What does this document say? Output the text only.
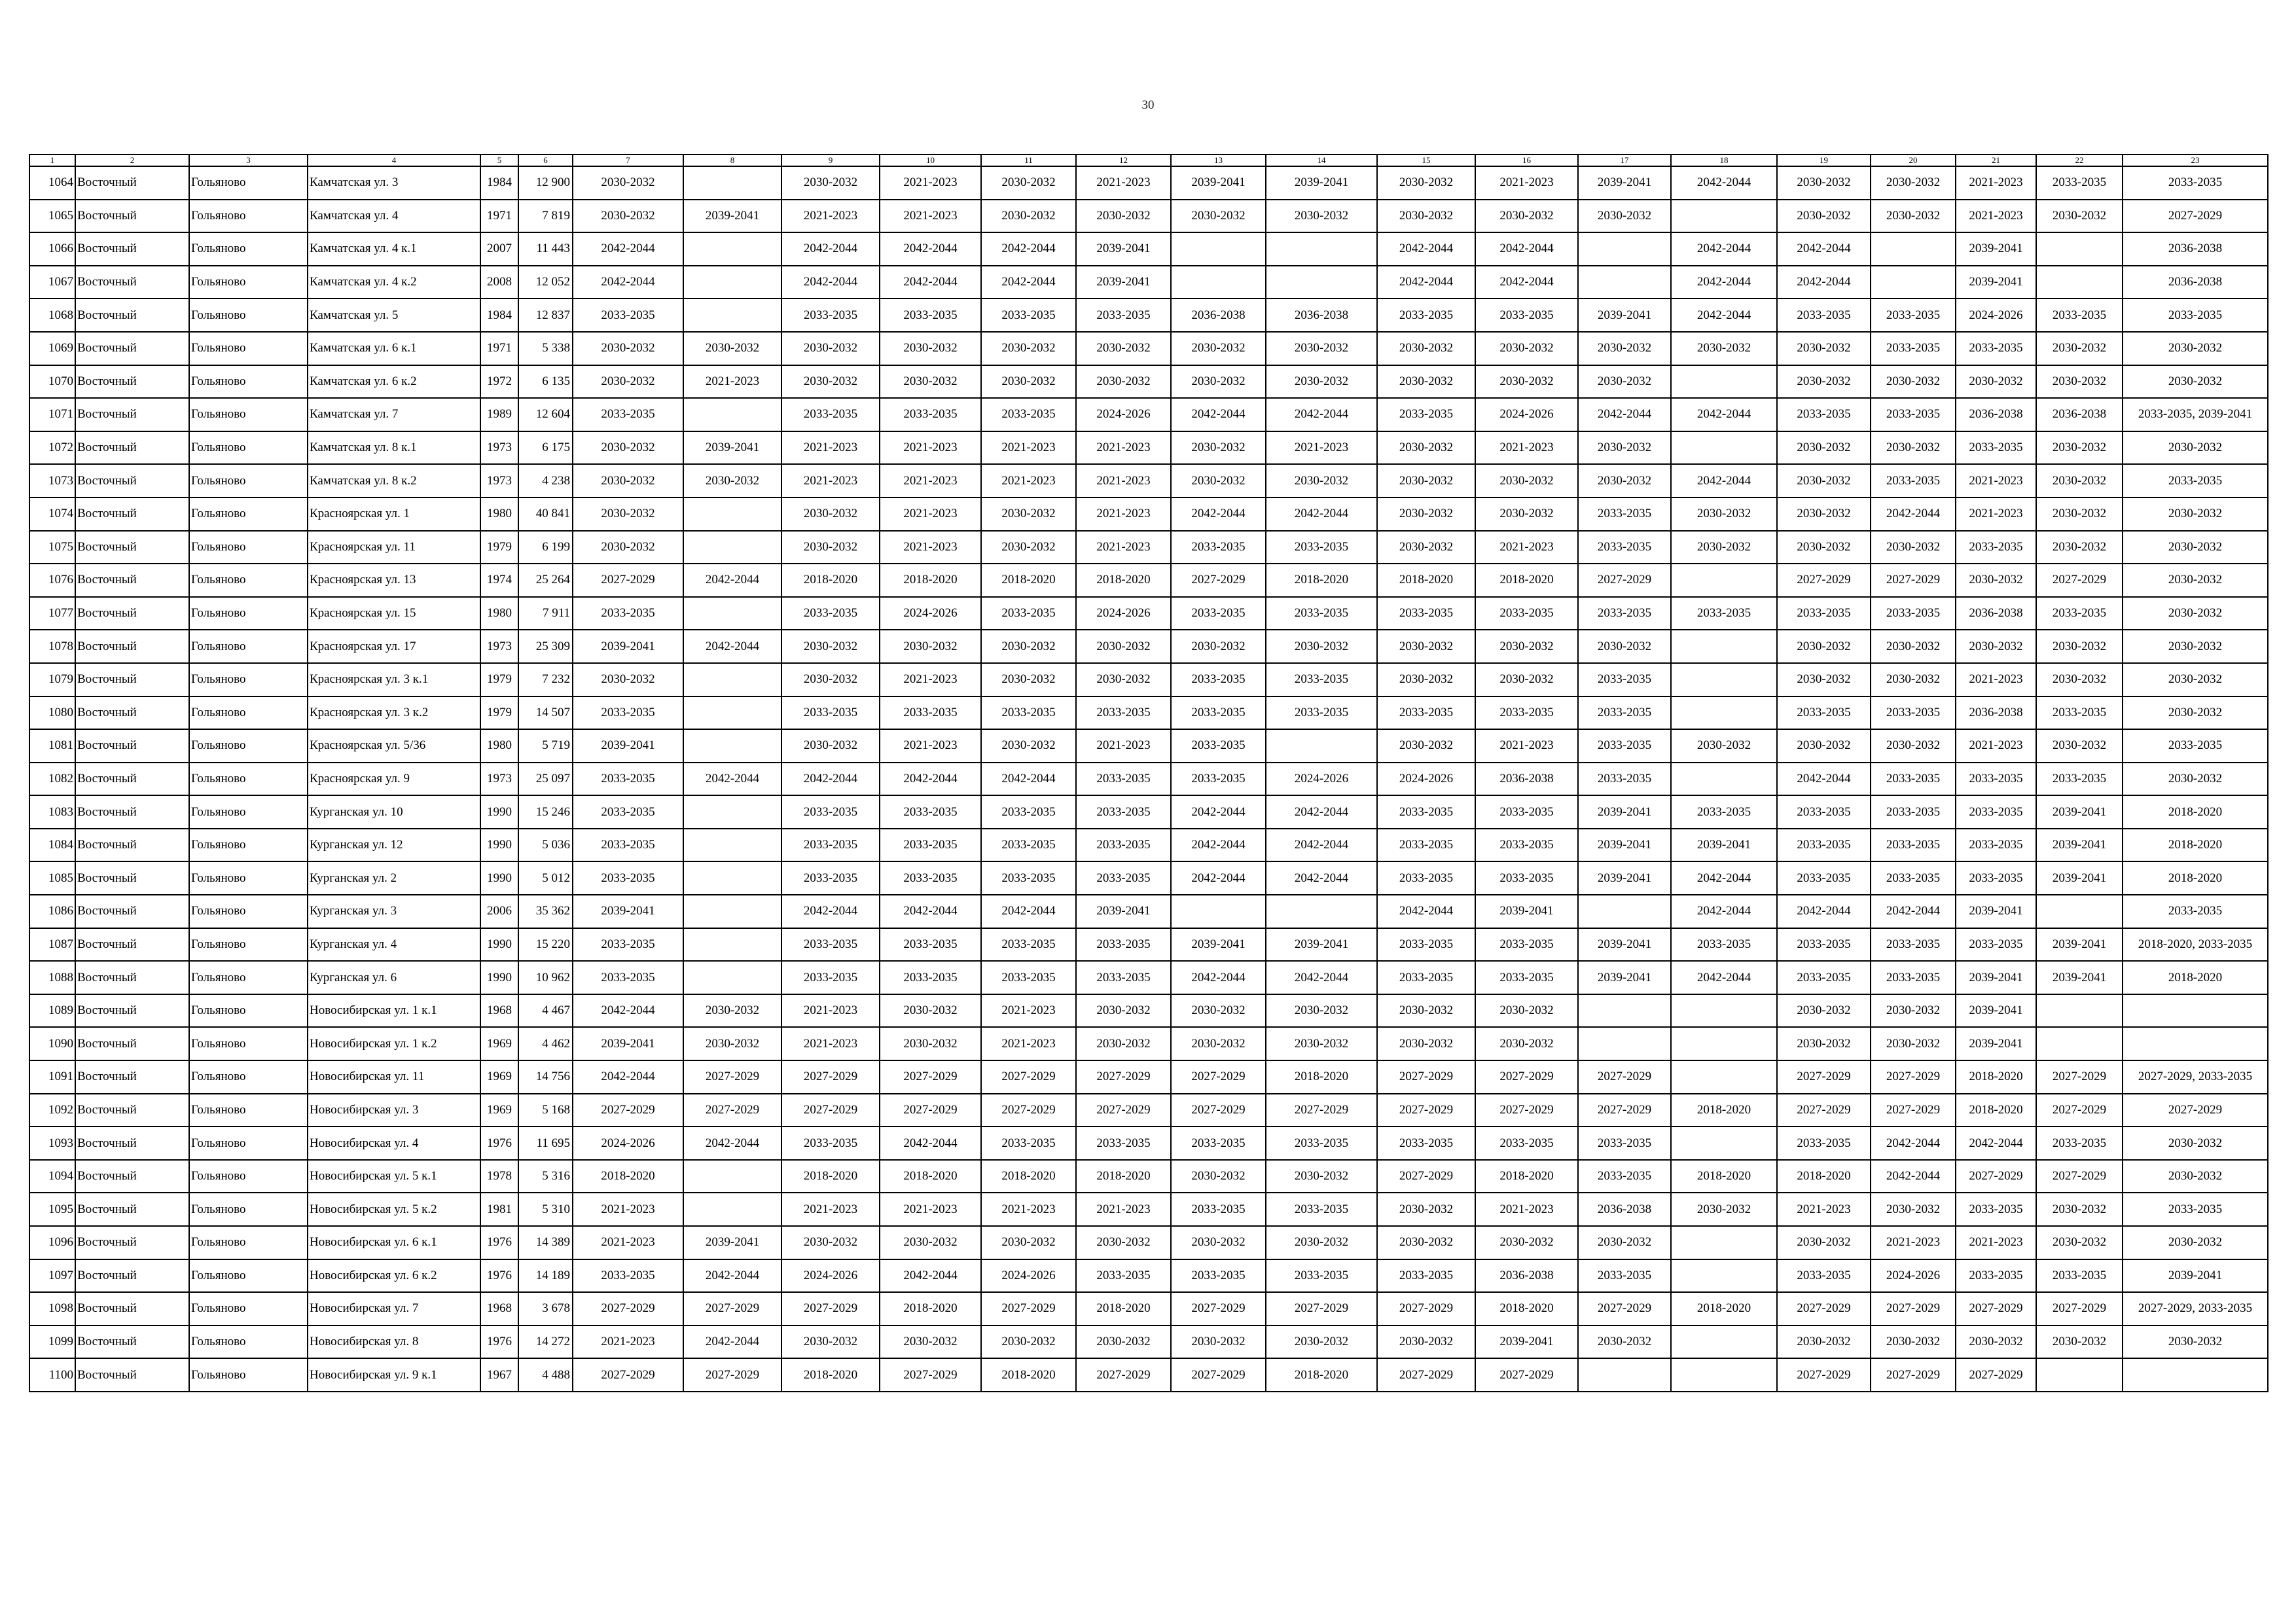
30
1	2	3	4	5	6	7	8	9	10	11	12	13	14	15	16	17	18	19	20	21	22	23
1064	Восточный	Гольяново	Камчатская ул. 3	1984	12 900	2030-2032		2030-2032	2021-2023	2030-2032	2021-2023	2039-2041	2039-2041	2030-2032	2021-2023	2039-2041	2042-2044	2030-2032	2030-2032	2021-2023	2033-2035	2033-2035
1065	Восточный	Гольяново	Камчатская ул. 4	1971	7 819	2030-2032	2039-2041	2021-2023	2021-2023	2030-2032	2030-2032	2030-2032	2030-2032	2030-2032	2030-2032	2030-2032		2030-2032	2030-2032	2021-2023	2030-2032	2027-2029
1066	Восточный	Гольяново	Камчатская ул. 4 к.1	2007	11 443	2042-2044		2042-2044	2042-2044	2042-2044	2039-2041			2042-2044	2042-2044		2042-2044	2042-2044		2039-2041		2036-2038
1067	Восточный	Гольяново	Камчатская ул. 4 к.2	2008	12 052	2042-2044		2042-2044	2042-2044	2042-2044	2039-2041			2042-2044	2042-2044		2042-2044	2042-2044		2039-2041		2036-2038
1068	Восточный	Гольяново	Камчатская ул. 5	1984	12 837	2033-2035		2033-2035	2033-2035	2033-2035	2033-2035	2036-2038	2036-2038	2033-2035	2033-2035	2039-2041	2042-2044	2033-2035	2033-2035	2024-2026	2033-2035	2033-2035
1069	Восточный	Гольяново	Камчатская ул. 6 к.1	1971	5 338	2030-2032	2030-2032	2030-2032	2030-2032	2030-2032	2030-2032	2030-2032	2030-2032	2030-2032	2030-2032	2030-2032	2030-2032	2030-2032	2033-2035	2033-2035	2030-2032	2030-2032
1070	Восточный	Гольяново	Камчатская ул. 6 к.2	1972	6 135	2030-2032	2021-2023	2030-2032	2030-2032	2030-2032	2030-2032	2030-2032	2030-2032	2030-2032	2030-2032	2030-2032		2030-2032	2030-2032	2030-2032	2030-2032	2030-2032
1071	Восточный	Гольяново	Камчатская ул. 7	1989	12 604	2033-2035		2033-2035	2033-2035	2033-2035	2024-2026	2042-2044	2042-2044	2033-2035	2024-2026	2042-2044	2042-2044	2033-2035	2033-2035	2036-2038	2036-2038	2033-2035, 2039-2041
1072	Восточный	Гольяново	Камчатская ул. 8 к.1	1973	6 175	2030-2032	2039-2041	2021-2023	2021-2023	2021-2023	2021-2023	2030-2032	2021-2023	2030-2032	2021-2023	2030-2032		2030-2032	2030-2032	2033-2035	2030-2032	2030-2032
1073	Восточный	Гольяново	Камчатская ул. 8 к.2	1973	4 238	2030-2032	2030-2032	2021-2023	2021-2023	2021-2023	2021-2023	2030-2032	2030-2032	2030-2032	2030-2032	2030-2032	2042-2044	2030-2032	2033-2035	2021-2023	2030-2032	2033-2035
1074	Восточный	Гольяново	Красноярская ул. 1	1980	40 841	2030-2032		2030-2032	2021-2023	2030-2032	2021-2023	2042-2044	2042-2044	2030-2032	2030-2032	2033-2035	2030-2032	2030-2032	2042-2044	2021-2023	2030-2032	2030-2032
1075	Восточный	Гольяново	Красноярская ул. 11	1979	6 199	2030-2032		2030-2032	2021-2023	2030-2032	2021-2023	2033-2035	2033-2035	2030-2032	2021-2023	2033-2035	2030-2032	2030-2032	2030-2032	2033-2035	2030-2032	2030-2032
1076	Восточный	Гольяново	Красноярская ул. 13	1974	25 264	2027-2029	2042-2044	2018-2020	2018-2020	2018-2020	2018-2020	2027-2029	2018-2020	2018-2020	2018-2020	2027-2029		2027-2029	2027-2029	2030-2032	2027-2029	2030-2032
1077	Восточный	Гольяново	Красноярская ул. 15	1980	7 911	2033-2035		2033-2035	2024-2026	2033-2035	2024-2026	2033-2035	2033-2035	2033-2035	2033-2035	2033-2035	2033-2035	2033-2035	2033-2035	2036-2038	2033-2035	2030-2032
1078	Восточный	Гольяново	Красноярская ул. 17	1973	25 309	2039-2041	2042-2044	2030-2032	2030-2032	2030-2032	2030-2032	2030-2032	2030-2032	2030-2032	2030-2032	2030-2032		2030-2032	2030-2032	2030-2032	2030-2032	2030-2032
1079	Восточный	Гольяново	Красноярская ул. 3 к.1	1979	7 232	2030-2032		2030-2032	2021-2023	2030-2032	2030-2032	2033-2035	2033-2035	2030-2032	2030-2032	2033-2035		2030-2032	2030-2032	2021-2023	2030-2032	2030-2032
1080	Восточный	Гольяново	Красноярская ул. 3 к.2	1979	14 507	2033-2035		2033-2035	2033-2035	2033-2035	2033-2035	2033-2035	2033-2035	2033-2035	2033-2035	2033-2035		2033-2035	2033-2035	2036-2038	2033-2035	2030-2032
1081	Восточный	Гольяново	Красноярская ул. 5/36	1980	5 719	2039-2041		2030-2032	2021-2023	2030-2032	2021-2023	2033-2035		2030-2032	2021-2023	2033-2035	2030-2032	2030-2032	2030-2032	2021-2023	2030-2032	2033-2035
1082	Восточный	Гольяново	Красноярская ул. 9	1973	25 097	2033-2035	2042-2044	2042-2044	2042-2044	2042-2044	2033-2035	2033-2035	2024-2026	2024-2026	2036-2038	2033-2035		2042-2044	2033-2035	2033-2035	2033-2035	2030-2032
1083	Восточный	Гольяново	Курганская ул. 10	1990	15 246	2033-2035		2033-2035	2033-2035	2033-2035	2033-2035	2042-2044	2042-2044	2033-2035	2033-2035	2039-2041	2033-2035	2033-2035	2033-2035	2033-2035	2039-2041	2018-2020
1084	Восточный	Гольяново	Курганская ул. 12	1990	5 036	2033-2035		2033-2035	2033-2035	2033-2035	2033-2035	2042-2044	2042-2044	2033-2035	2033-2035	2039-2041	2039-2041	2033-2035	2033-2035	2033-2035	2039-2041	2018-2020
1085	Восточный	Гольяново	Курганская ул. 2	1990	5 012	2033-2035		2033-2035	2033-2035	2033-2035	2033-2035	2042-2044	2042-2044	2033-2035	2033-2035	2039-2041	2042-2044	2033-2035	2033-2035	2033-2035	2039-2041	2018-2020
1086	Восточный	Гольяново	Курганская ул. 3	2006	35 362	2039-2041		2042-2044	2042-2044	2042-2044	2039-2041			2042-2044	2039-2041		2042-2044	2042-2044	2042-2044	2039-2041		2033-2035
1087	Восточный	Гольяново	Курганская ул. 4	1990	15 220	2033-2035		2033-2035	2033-2035	2033-2035	2033-2035	2039-2041	2039-2041	2033-2035	2033-2035	2039-2041	2033-2035	2033-2035	2033-2035	2033-2035	2039-2041	2018-2020, 2033-2035
1088	Восточный	Гольяново	Курганская ул. 6	1990	10 962	2033-2035		2033-2035	2033-2035	2033-2035	2033-2035	2042-2044	2042-2044	2033-2035	2033-2035	2039-2041	2042-2044	2033-2035	2033-2035	2039-2041	2039-2041	2018-2020
1089	Восточный	Гольяново	Новосибирская ул. 1 к.1	1968	4 467	2042-2044	2030-2032	2021-2023	2030-2032	2021-2023	2030-2032	2030-2032	2030-2032	2030-2032	2030-2032			2030-2032	2030-2032	2039-2041		
1090	Восточный	Гольяново	Новосибирская ул. 1 к.2	1969	4 462	2039-2041	2030-2032	2021-2023	2030-2032	2021-2023	2030-2032	2030-2032	2030-2032	2030-2032	2030-2032			2030-2032	2030-2032	2039-2041		
1091	Восточный	Гольяново	Новосибирская ул. 11	1969	14 756	2042-2044	2027-2029	2027-2029	2027-2029	2027-2029	2027-2029	2027-2029	2018-2020	2027-2029	2027-2029	2027-2029		2027-2029	2027-2029	2018-2020	2027-2029	2027-2029, 2033-2035
1092	Восточный	Гольяново	Новосибирская ул. 3	1969	5 168	2027-2029	2027-2029	2027-2029	2027-2029	2027-2029	2027-2029	2027-2029	2027-2029	2027-2029	2027-2029	2027-2029	2018-2020	2027-2029	2027-2029	2018-2020	2027-2029	2027-2029
1093	Восточный	Гольяново	Новосибирская ул. 4	1976	11 695	2024-2026	2042-2044	2033-2035	2042-2044	2033-2035	2033-2035	2033-2035	2033-2035	2033-2035	2033-2035	2033-2035		2033-2035	2042-2044	2042-2044	2033-2035	2030-2032
1094	Восточный	Гольяново	Новосибирская ул. 5 к.1	1978	5 316	2018-2020		2018-2020	2018-2020	2018-2020	2018-2020	2030-2032	2030-2032	2027-2029	2018-2020	2033-2035	2018-2020	2018-2020	2042-2044	2027-2029	2027-2029	2030-2032
1095	Восточный	Гольяново	Новосибирская ул. 5 к.2	1981	5 310	2021-2023		2021-2023	2021-2023	2021-2023	2021-2023	2033-2035	2033-2035	2030-2032	2021-2023	2036-2038	2030-2032	2021-2023	2030-2032	2033-2035	2030-2032	2033-2035
1096	Восточный	Гольяново	Новосибирская ул. 6 к.1	1976	14 389	2021-2023	2039-2041	2030-2032	2030-2032	2030-2032	2030-2032	2030-2032	2030-2032	2030-2032	2030-2032	2030-2032		2030-2032	2021-2023	2021-2023	2030-2032	2030-2032
1097	Восточный	Гольяново	Новосибирская ул. 6 к.2	1976	14 189	2033-2035	2042-2044	2024-2026	2042-2044	2024-2026	2033-2035	2033-2035	2033-2035	2033-2035	2036-2038	2033-2035		2033-2035	2024-2026	2033-2035	2033-2035	2039-2041
1098	Восточный	Гольяново	Новосибирская ул. 7	1968	3 678	2027-2029	2027-2029	2027-2029	2018-2020	2027-2029	2018-2020	2027-2029	2027-2029	2027-2029	2018-2020	2027-2029	2018-2020	2027-2029	2027-2029	2027-2029	2027-2029	2027-2029, 2033-2035
1099	Восточный	Гольяново	Новосибирская ул. 8	1976	14 272	2021-2023	2042-2044	2030-2032	2030-2032	2030-2032	2030-2032	2030-2032	2030-2032	2030-2032	2039-2041	2030-2032		2030-2032	2030-2032	2030-2032	2030-2032	2030-2032
1100	Восточный	Гольяново	Новосибирская ул. 9 к.1	1967	4 488	2027-2029	2027-2029	2018-2020	2027-2029	2018-2020	2027-2029	2027-2029	2018-2020	2027-2029	2027-2029			2027-2029	2027-2029	2027-2029		
